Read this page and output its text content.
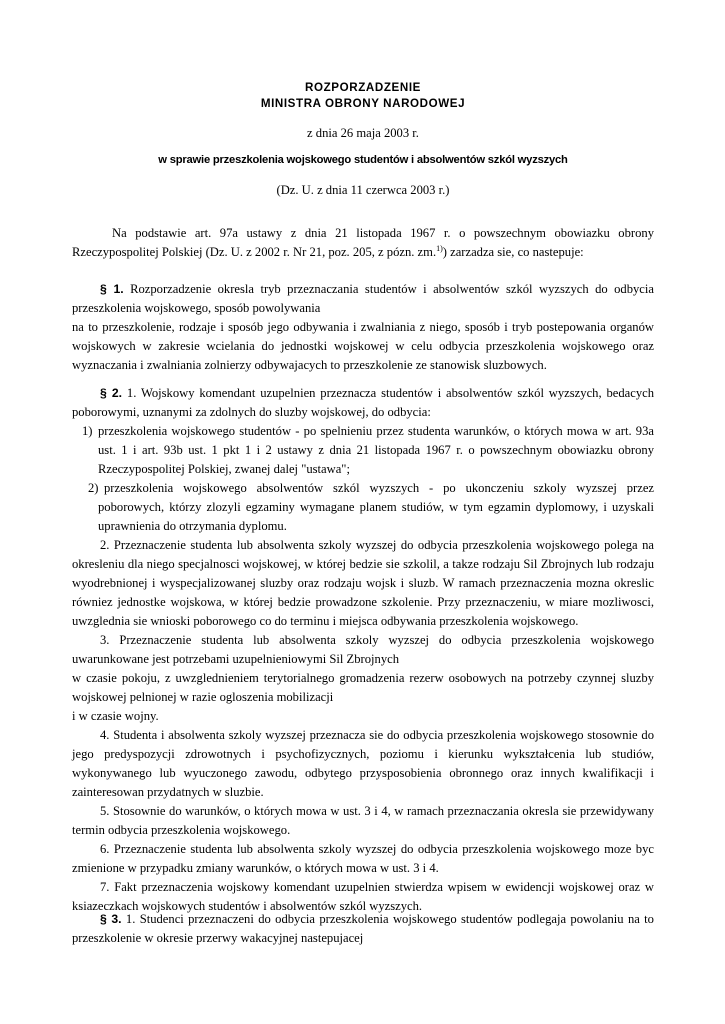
ROZPORZADZENIE
MINISTRA OBRONY NARODOWEJ
z dnia 26 maja 2003 r.
w sprawie przeszkolenia wojskowego studentów i absolwentów szkól wyzszych
(Dz. U. z dnia 11 czerwca 2003 r.)

Na podstawie art. 97a ustawy z dnia 21 listopada 1967 r. o powszechnym obowiazku obrony Rzeczypospolitej Polskiej (Dz. U. z 2002 r. Nr 21, poz. 205, z pózn. zm.$^{1)}$) zarzadza sie, co nastepuje:

§ 1. Rozporzadzenie okresla tryb przeznaczania studentów i absolwentów szkól wyzszych do odbycia przeszkolenia wojskowego, sposób powolywania

na to przeszkolenie, rodzaje i sposób jego odbywania i zwalniania z niego, sposób i tryb postepowania organów wojskowych w zakresie wcielania do jednostki wojskowej w celu odbycia przeszkolenia wojskowego oraz wyznaczania i zwalniania zolnierzy odbywajacych to przeszkolenie ze stanowisk sluzbowych.

§ 2. 1. Wojskowy komendant uzupelnien przeznacza studentów i absolwentów szkól wyzszych, bedacych poborowymi, uznanymi za zdolnych do sluzby wojskowej, do odbycia:

1) przeszkolenia wojskowego studentów - po spelnieniu przez studenta warunków, o których mowa w art. 93a ust. 1 i art. 93b ust. 1 pkt 1 i 2 ustawy z dnia 21 listopada 1967 r. o powszechnym obowiazku obrony Rzeczypospolitej Polskiej, zwanej dalej "ustawa";
2) przeszkolenia wojskowego absolwentów szkól wyzszych - po ukonczeniu szkoly wyzszej przez poborowych, którzy zlozyli egzaminy wymagane planem studiów, w tym egzamin dyplomowy, i uzyskali uprawnienia do otrzymania dyplomu.

2. Przeznaczenie studenta lub absolwenta szkoly wyzszej do odbycia przeszkolenia wojskowego polega na okresleniu dla niego specjalnosci wojskowej, w której bedzie sie szkolil, a takze rodzaju Sil Zbrojnych lub rodzaju wyodrebnionej i wyspecjalizowanej sluzby oraz rodzaju wojsk i sluzb. W ramach przeznaczenia mozna okreslic równiez jednostke wojskowa, w której bedzie prowadzone szkolenie. Przy przeznaczeniu, w miare mozliwosci, uwzglednia sie wnioski poborowego co do terminu i miejsca odbywania przeszkolenia wojskowego.

3. Przeznaczenie studenta lub absolwenta szkoly wyzszej do odbycia przeszkolenia wojskowego uwarunkowane jest potrzebami uzupelnieniowymi Sil Zbrojnych

w czasie pokoju, z uwzglednieniem terytorialnego gromadzenia rezerw osobowych na potrzeby czynnej sluzby wojskowej pelnionej w razie ogloszenia mobilizacji

i w czasie wojny.

4. Studenta i absolwenta szkoly wyzszej przeznacza sie do odbycia przeszkolenia wojskowego stosownie do jego predyspozycji zdrowotnych i psychofizycznych, poziomu i kierunku wykształcenia lub studiów, wykonywanego lub wyuczonego zawodu, odbytego przysposobienia obronnego oraz innych kwalifikacji i zainteresowan przydatnych w sluzbie.

5. Stosownie do warunków, o których mowa w ust. 3 i 4, w ramach przeznaczania okresla sie przewidywany termin odbycia przeszkolenia wojskowego.

6. Przeznaczenie studenta lub absolwenta szkoly wyzszej do odbycia przeszkolenia wojskowego moze byc zmienione w przypadku zmiany warunków, o których mowa w ust. 3 i 4.

7. Fakt przeznaczenia wojskowy komendant uzupelnien stwierdza wpisem w ewidencji wojskowej oraz w ksiazeczkach wojskowych studentów i absolwentów szkól wyzszych.

§ 3. 1. Studenci przeznaczeni do odbycia przeszkolenia wojskowego studentów podlegaja powolaniu na to przeszkolenie w okresie przerwy wakacyjnej nastepujacej
